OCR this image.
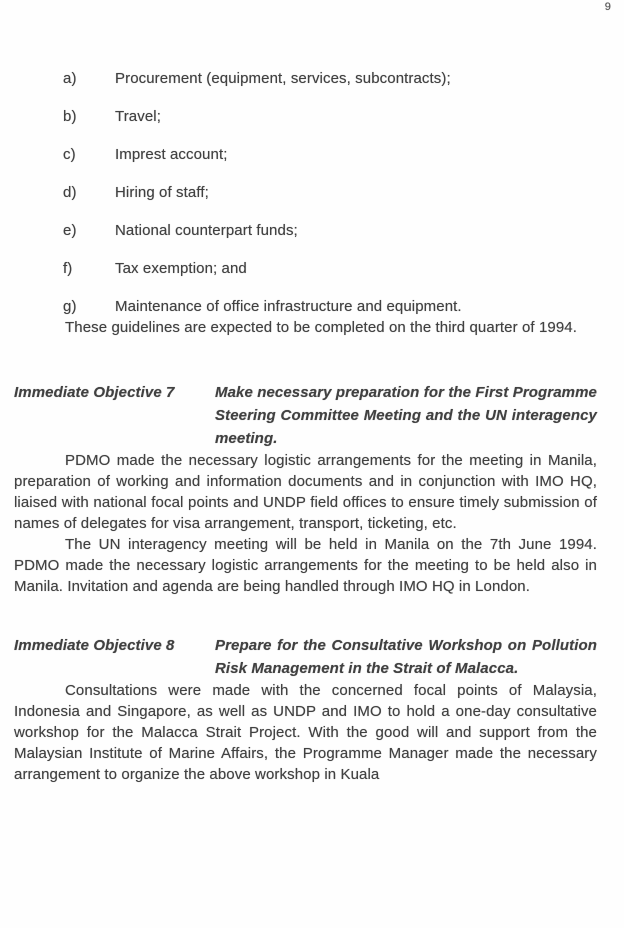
9
a)	Procurement (equipment, services, subcontracts);
b)	Travel;
c)	Imprest account;
d)	Hiring of staff;
e)	National counterpart funds;
f)	Tax exemption; and
g)	Maintenance of office infrastructure and equipment.

These guidelines are expected to be completed on the third quarter of 1994.

Immediate Objective 7	Make necessary preparation for the First Programme Steering Committee Meeting and the UN interagency meeting.

PDMO made the necessary logistic arrangements for the meeting in Manila, preparation of working and information documents and in conjunction with IMO HQ, liaised with national focal points and UNDP field offices to ensure timely submission of names of delegates for visa arrangement, transport, ticketing, etc.

The UN interagency meeting will be held in Manila on the 7th June 1994. PDMO made the necessary logistic arrangements for the meeting to be held also in Manila. Invitation and agenda are being handled through IMO HQ in London.

Immediate Objective 8	Prepare for the Consultative Workshop on Pollution Risk Management in the Strait of Malacca.

Consultations were made with the concerned focal points of Malaysia, Indonesia and Singapore, as well as UNDP and IMO to hold a one-day consultative workshop for the Malacca Strait Project. With the good will and support from the Malaysian Institute of Marine Affairs, the Programme Manager made the necessary arrangement to organize the above workshop in Kuala
